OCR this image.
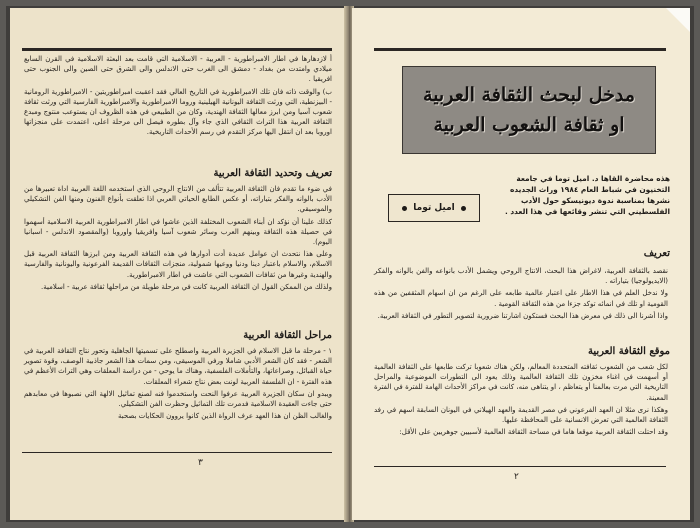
أ لازدهارها في اطار الامبراطورية - العربية - الاسلامية التي قامت بعد البعثة الاسلامية في القرن السابع ميلادي وامتدت من بغداد - دمشق الى الغرب حتى الاندلس والى الشرق حتى الصين والى الجنوب حتى افريقيا .

ب) والوقت ذاته فان تلك الامبراطورية في التاريخ العالي فقد اعقبت امبراطوريتين - الامبراطورية الرومانية - البيزنطية، التي ورثت الثقافة اليونانية الهيلينية وروما الامبراطورية والامبراطورية الفارسية التي ورثت ثقافة شعوب آسيا ومن ابرز معالها الثقافة الهندية، وكان من الطبيعي في هذه الظروف ان يستوعب منتوج ومبدع الثقافة العربية هذا التراث الثقافي الذي جاء وآل بطوره فيصل الى مرحلة اعلى، اعتمدت على منجزاتها اوروبا بعد ان انتقل اليها مركز التقدم في رسم الأحداث التاريخية.

تعريف وتحديد الثقافة العربية

في ضوء ما تقدم فان الثقافة العربية تتألف من الانتاج الروحي الذي استخدمه اللغة العربية اداة تعبيرها من الأدب بالوانه والفكر بتياراته، أو عكس الطابع الحياتي العربي اذا تعلقت بأنواع الفنون ومنها الفن التشكيلي والموسيقي.

كذلك علينا أن نؤكد ان أبناء الشعوب المختلفة الذين عاشوا في اطار الامبراطورية العربية الاسلامية أسهموا في حصيلة هذه الثقافة وبينهم العرب وسائر شعوب آسيا وافريقيا واوروبا (والمقصود الاندلس - اسبانيا اليوم).

وعلى هذا نتحدث ان عوامل عديدة أدت أدوارها في هذه الثقافة العربية ومن ابرزها الثقافة العربية قبل الاسلام، والاسلام باعتبار دينا ودنيا ووعيها شمولية، منجزات الثقافات القديمة الفرعونية واليونانية والفارسية والهندية وغيرها من ثقافات الشعوب التي عاشت في اطار الامبراطورية.

ولذلك من الممكن القول ان الثقافة العربية كانت في مرحلة طويلة من مراحلها ثقافة عربية - اسلامية.

مراحل الثقافة العربية

١ - مرحلة ما قبل الاسلام في الجزيرة العربية واصطلح على تسميتها الجاهلية وتحور نتاج الثقافة العربية في الشعر - فقد كان الشعر الأدبي شاملا ورفي الموسيقى، ومن سمات هذا الشعر جاذبية الوصف، وقوة تصوير حياة القبائل، وصراعاتها، والتأملات الفلسفية، وهناك ما يوحي - من دراسة المعلقات وهي التراث الأعظم في هذه الفترة - ان الفلسفة العربية لونت بعض نتاج شعراء المعلقات.

ويبدو ان سكان الجزيرة العربية عرفوا النحت واستخدموا فنه لصنع تماثيل الالهة التي نصبوها في معابدهم حتى جاءت العقيدة الاسلامية فدمرت تلك التماثيل وحظرت الفن التشكيلي.

والغالب الظن ان هذا العهد عرف الرواة الذين كانوا يروون الحكايات بصحبة

٣
مدخل لبحث الثقافة العربية
او ثقافة الشعوب العربية
اميل توما
هذه محاضرة القاها د. اميل توما في جامعة التخنيون في شباط العام ١٩٨٤ وراث الجديده نشرها بمناسبة ندوة ديونيسكو حول الأدب الفلسطيني التي تنشر وقائعها في هذا العدد .
تعريف

نقصد بالثقافة العربية، لاغراض هذا البحث، الانتاج الروحي ويشمل الأدب بانواعه والفن بالوانه والفكر (الايديولوجيا) بتياراته .

ولا ندخل العلم في هذا الاطار على اعتبار عالمية طابعه على الرغم من ان اسهام المثقفين من هذه القومية او تلك في انمائه توكد جزءا من هذه الثقافة القومية .

واذا أشرنا الى ذلك في معرض هذا البحث فستكون اشارتنا ضرورية لتصوير التطور في الثقافة العربية.

موقع الثقافة العربية

لكل شعب من الشعوب ثقافته المتحددة المعالم، ولكن هناك شعوبا تركت طابعها على الثقافة العالمية أو أسهمت في اغناء مخزون تلك الثقافة العالمية وذلك يعود الى التطورات الموضوعية والمراحل التاريخية التي مرت بعالمنا أو يتعاظم ، او يتناهى منه، كانت في مراكز الأحداث الهامة للفترة في الفترة المعينة.

وهكذا نرى مثلا ان العهد الفرعوني في مصر القديمة والعهد الهيلاني في اليونان السابقة اسهم في رفد الثقافة العالمية التي تعرض الانسانية على المحافظة عليها.

وقد احتلت الثقافة العربية موقعا هاما في مساحة الثقافة العالمية لأسبيين جوهريين على الأقل:

٢
